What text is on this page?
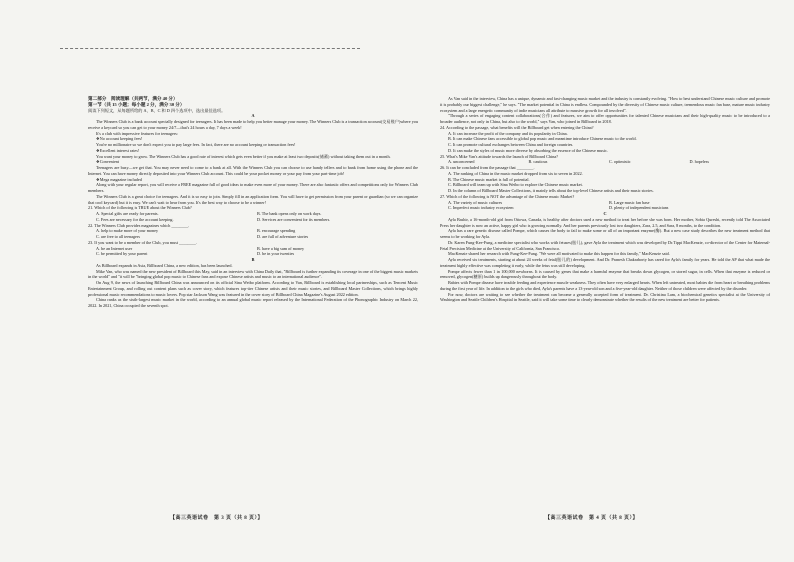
第二部分　阅读理解（共两节，满分 40 分）

第一节（共 15 小题；每小题 2 分，满分 30 分）

阅读下列短文，从每题所给的 A、B、C 和 D 四个选项中，选出最佳选项。

A

The Winners Club is a bank account specially designed for teenagers. It has been made to help you better manage your money. The Winners Club is a transaction account(交易账户)where you receive a keycard so you can get to your money 24/7—that's 24 hours a day, 7 days a week!

It's a club with impressive features for teenagers:

❖No account keeping fees!

You're no millionaire so we don't expect you to pay large fees. In fact, there are no account keeping or transaction fees!

❖Excellent interest rates!

You want your money to grow. The Winners Club has a good rate of interest which gets even better if you make at least two deposits(储蓄) without taking them out in a month.

❖Convenient

Teenagers are busy—we get that. You may never need to come to a bank at all. With the Winners Club you can choose to use handy tellers and to bank from home using the phone and the Internet. You can have money directly deposited into your Winners Club account. This could be your pocket money or your pay from your part-time job!

❖Mega magazine included

Along with your regular report, you will receive a FREE magazine full of good ideas to make even more of your money. There are also fantastic offers and competitions only for Winners Club members.

The Winners Club is a great choice for teenagers. And it is so easy to join. Simply fill in an application form. You will have to get permission from your parent or guardian (so we can organize that cool keycard) but it is easy. We can't wait to hear from you. It's the best way to choose to be a winner!

21. Which of the following is TRUE about the Winners Club?

A. Special gifts are ready for parents.	B. The bank opens only on work days.
C. Fees are necessary for the account keeping.	D. Services are convenient for its members.

22. The Winners Club provides magazines which ________.

A. help to make more of your money	B. encourage spending
C. are free to all teenagers	D. are full of adventure stories

23. If you want to be a member of the Club, you must ________.

A. be an Internet user	B. have a big sum of money
C. be permitted by your parent	D. be in your twenties

B

As Billboard expands in Asia, Billboard China, a new edition, has been launched.

Mike Van, who was named the new president of Billboard this May, said in an interview with China Daily that, "Billboard is further expanding its coverage in one of the biggest music markets in the world" and "it will be "bringing global pop music to Chinese fans and expose Chinese artists and music to an international audience".

On Aug 9, the news of launching Billboard China was announced on its official Sina Weibo platform. According to Van, Billboard is establishing local partnerships, such as Tencent Music Entertainment Group, and rolling out content plans such as cover story, which features top-tier Chinese artists and their music stories, and Billboard Master Collections, which brings highly professional music recommendations to music lovers. Pop star Jackson Wang was featured in the cover story of Billboard China Magazine's August 2022 edition.

China ranks as the sixth-largest music market in the world, according to an annual global music report released by the International Federation of the Phonographic Industry on March 22, 2022. In 2021, China occupied the seventh spot.

As Van said in the interview, China has a unique, dynamic and fast-changing music market and the industry is constantly evolving. "How to best understand Chinese music culture and promote it is probably our biggest challenge," he says. "The market potential in China is endless. Compounded by the diversity of Chinese music culture, tremendous music fan base, mature music industry ecosystem and a large energetic community of indie musicians all attribute to massive growth for all involved".

"Through a series of engaging content collaborations(合作) and features, we aim to offer opportunities for talented Chinese musicians and their high-quality music to be introduced to a broader audience, not only in China, but also to the world," says Van, who joined in Billboard in 2018.

24. According to the passage, what benefits will the Billboard get when entering the China?

A. It can increase the profit of the company and its popularity in China.

B. It can make Chinese fans accessible to global pop music and meantime introduce Chinese music to the world.

C. It can promote cultural exchanges between China and foreign countries.

D. It can make the styles of music more diverse by absorbing the essence of the Chinese music.

25. What's Mike Van's attitude towards the launch of Billboard China?

A. unconcerned	B. cautious	C. optimistic	D. hopeless

26. It can be concluded from the passage that ________.

A. The ranking of China in the music market dropped from six to seven in 2022.

B. The Chinese music market is full of potential.

C. Billboard will team up with Sina Weibo to explore the Chinese music market.

D. In the column of Billboard Master Collections, it mainly tells about the top-level Chinese artists and their music stories.

27. Which of the following is NOT the advantage of the Chinese music Market?

A. The variety of music cultures	B. Large music fan base
C. Imperfect music industry ecosystem	D. plenty of independent musicians

C

Ayla Bashir, a 16-month-old girl from Ottowa, Canada, is healthy after doctors used a new method to treat her before she was born. Her mother, Sobia Qureshi, recently told The Associated Press her daughter is now an active, happy girl who is growing normally. And her parents previously lost two daughters, Zara, 2.5, and Sara, 8 months, to the condition.

Ayla has a rare genetic disease called Pompe, which causes the body to fail to make some or all of an important enzyme(酶). But a new case study describes the new treatment method that seems to be working for Ayla.

Dr. Karen Fung-Kee-Fung, a medicine specialist who works with fetuses(胎儿), gave Ayla the treatment which was developed by Dr.Tippi MacKenzie, co-director of the Center for Maternal-Fetal Precision Medicine at the University of California, San Francisco.

MacKenzie shared her research with Fung-Kee-Fung. "We were all motivated to make this happen for this family," MacKenzie said.

Ayla received six treatments, starting at about 24 weeks of fetal(胎儿的) development. And Dr. Pranesh Chakraborty has cared for Ayla's family for years. He told the AP that what made the treatment highly effective was completing it early, while the fetus was still developing.

Pompe affects fewer than 1 in 100,000 newborns. It is caused by genes that make a harmful enzyme that breaks down glycogen, or stored sugar, in cells. When that enzyme is reduced or removed, glycogen(糖原) builds up dangerously throughout the body.

Babies with Pompe disease have trouble feeding and experience muscle weakness. They often have very enlarged hearts. When left untreated, most babies die from heart or breathing problems during the first year of life. In addition to the girls who died, Ayla's parents have a 13-year-old son and a five-year-old daughter. Neither of those children were affected by the disorder.

For now, doctors are waiting to see whether the treatment can become a generally accepted form of treatment. Dr. Christina Lam, a biochemical genetics specialist at the University of Washington and Seattle Children's Hospital in Seattle, said it will take some time to clearly demonstrate whether the results of the new treatment are better for patients.

【高三英语试卷　第 3 页（共 8 页）】	【高三英语试卷　第 4 页（共 8 页）】
